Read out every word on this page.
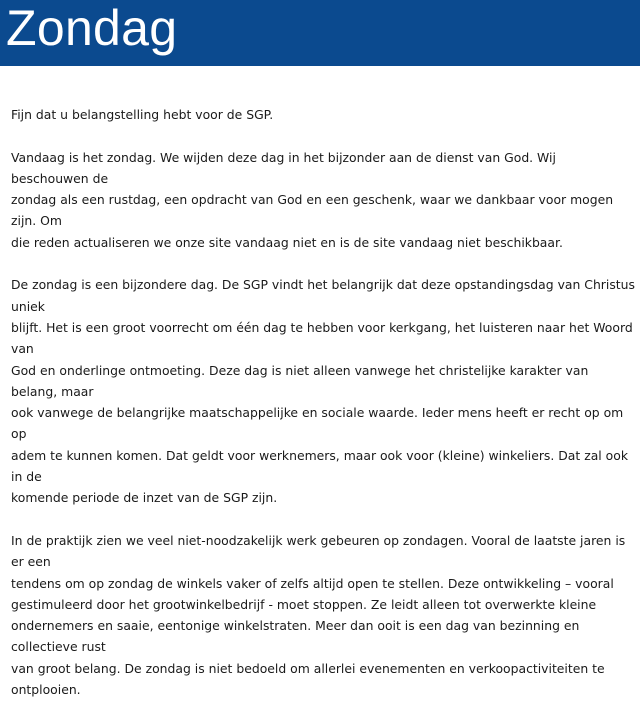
Zondag

Fijn dat u belangstelling hebt voor de SGP.

Vandaag is het zondag. We wijden deze dag in het bijzonder aan de dienst van God. Wij beschouwen de
zondag als een rustdag, een opdracht van God en een geschenk, waar we dankbaar voor mogen zijn. Om
die reden actualiseren we onze site vandaag niet en is de site vandaag niet beschikbaar.

De zondag is een bijzondere dag. De SGP vindt het belangrijk dat deze opstandingsdag van Christus uniek
blijft. Het is een groot voorrecht om één dag te hebben voor kerkgang, het luisteren naar het Woord van
God en onderlinge ontmoeting. Deze dag is niet alleen vanwege het christelijke karakter van belang, maar
ook vanwege de belangrijke maatschappelijke en sociale waarde. Ieder mens heeft er recht op om op
adem te kunnen komen. Dat geldt voor werknemers, maar ook voor (kleine) winkeliers. Dat zal ook in de
komende periode de inzet van de SGP zijn.

In de praktijk zien we veel niet-noodzakelijk werk gebeuren op zondagen. Vooral de laatste jaren is er een
tendens om op zondag de winkels vaker of zelfs altijd open te stellen. Deze ontwikkeling – vooral
gestimuleerd door het grootwinkelbedrijf - moet stoppen. Ze leidt alleen tot overwerkte kleine
ondernemers en saaie, eentonige winkelstraten. Meer dan ooit is een dag van bezinning en collectieve rust
van groot belang. De zondag is niet bedoeld om allerlei evenementen en verkoopactiviteiten te ontplooien.
